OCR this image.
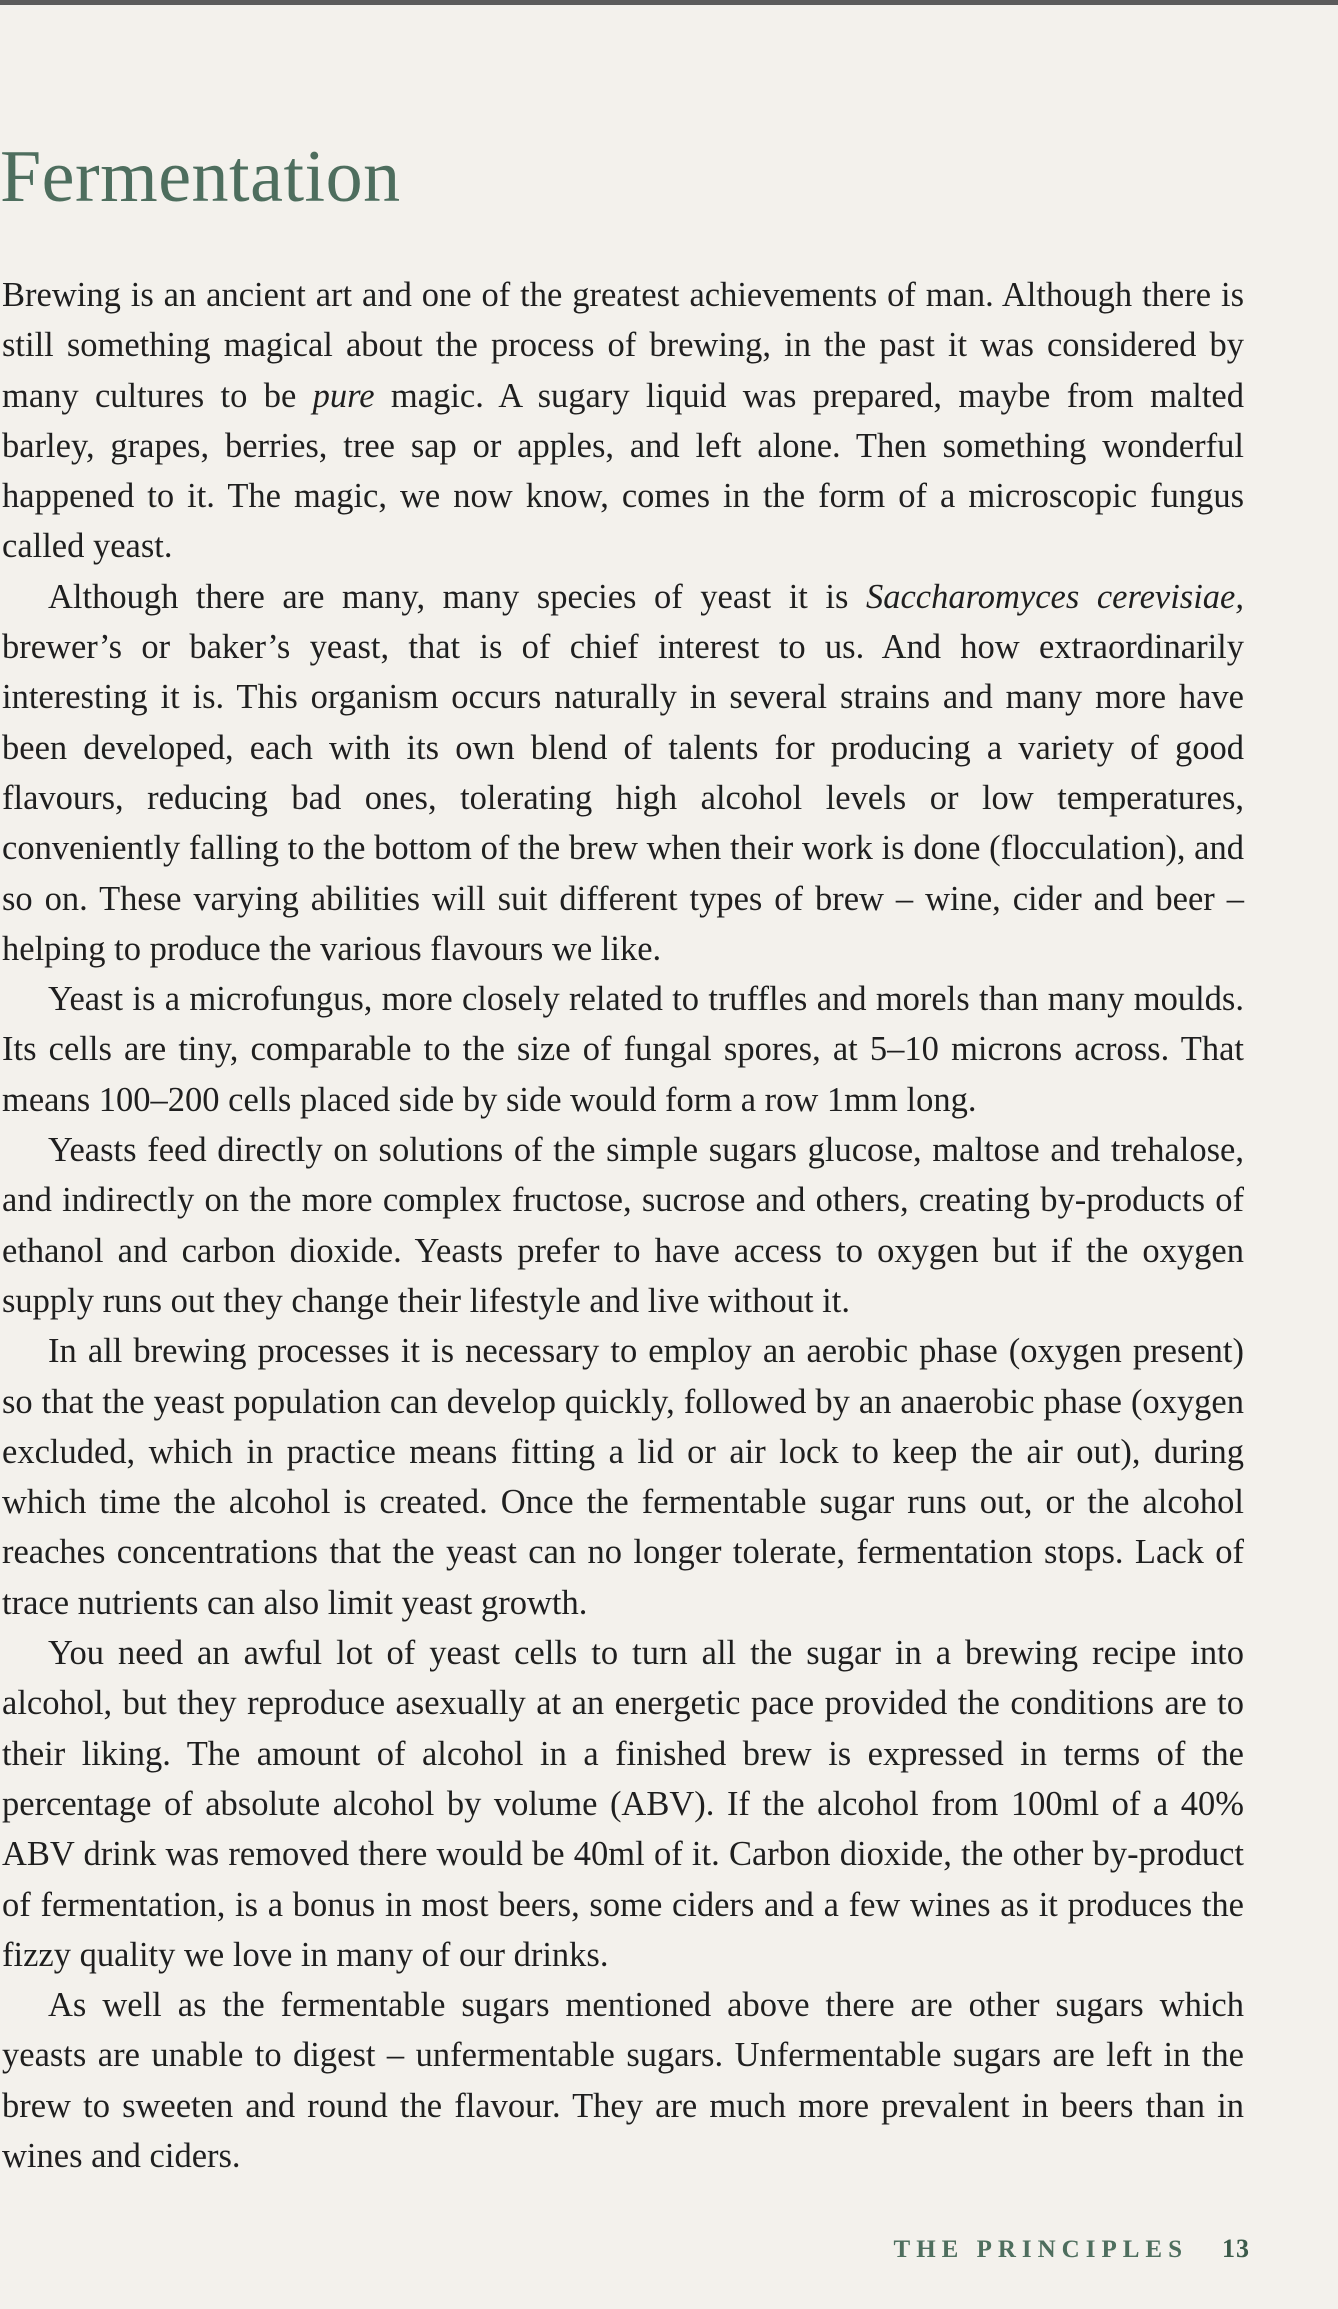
Fermentation

Brewing is an ancient art and one of the greatest achievements of man. Although there is still something magical about the process of brewing, in the past it was considered by many cultures to be pure magic. A sugary liquid was prepared, maybe from malted barley, grapes, berries, tree sap or apples, and left alone. Then something wonderful happened to it. The magic, we now know, comes in the form of a microscopic fungus called yeast.

Although there are many, many species of yeast it is Saccharomyces cerevisiae, brewer’s or baker’s yeast, that is of chief interest to us. And how extraordinarily interesting it is. This organism occurs naturally in several strains and many more have been developed, each with its own blend of talents for producing a variety of good flavours, reducing bad ones, tolerating high alcohol levels or low temperatures, conveniently falling to the bottom of the brew when their work is done (flocculation), and so on. These varying abilities will suit different types of brew – wine, cider and beer – helping to produce the various flavours we like.

Yeast is a microfungus, more closely related to truffles and morels than many moulds. Its cells are tiny, comparable to the size of fungal spores, at 5–10 microns across. That means 100–200 cells placed side by side would form a row 1mm long.

Yeasts feed directly on solutions of the simple sugars glucose, maltose and trehalose, and indirectly on the more complex fructose, sucrose and others, creating by-products of ethanol and carbon dioxide. Yeasts prefer to have access to oxygen but if the oxygen supply runs out they change their lifestyle and live without it.

In all brewing processes it is necessary to employ an aerobic phase (oxygen present) so that the yeast population can develop quickly, followed by an anaerobic phase (oxygen excluded, which in practice means fitting a lid or air lock to keep the air out), during which time the alcohol is created. Once the fermentable sugar runs out, or the alcohol reaches concentrations that the yeast can no longer tolerate, fermentation stops. Lack of trace nutrients can also limit yeast growth.

You need an awful lot of yeast cells to turn all the sugar in a brewing recipe into alcohol, but they reproduce asexually at an energetic pace provided the conditions are to their liking. The amount of alcohol in a finished brew is expressed in terms of the percentage of absolute alcohol by volume (ABV). If the alcohol from 100ml of a 40% ABV drink was removed there would be 40ml of it. Carbon dioxide, the other by-product of fermentation, is a bonus in most beers, some ciders and a few wines as it produces the fizzy quality we love in many of our drinks.

As well as the fermentable sugars mentioned above there are other sugars which yeasts are unable to digest – unfermentable sugars. Unfermentable sugars are left in the brew to sweeten and round the flavour. They are much more prevalent in beers than in wines and ciders.

THE PRINCIPLES 13
